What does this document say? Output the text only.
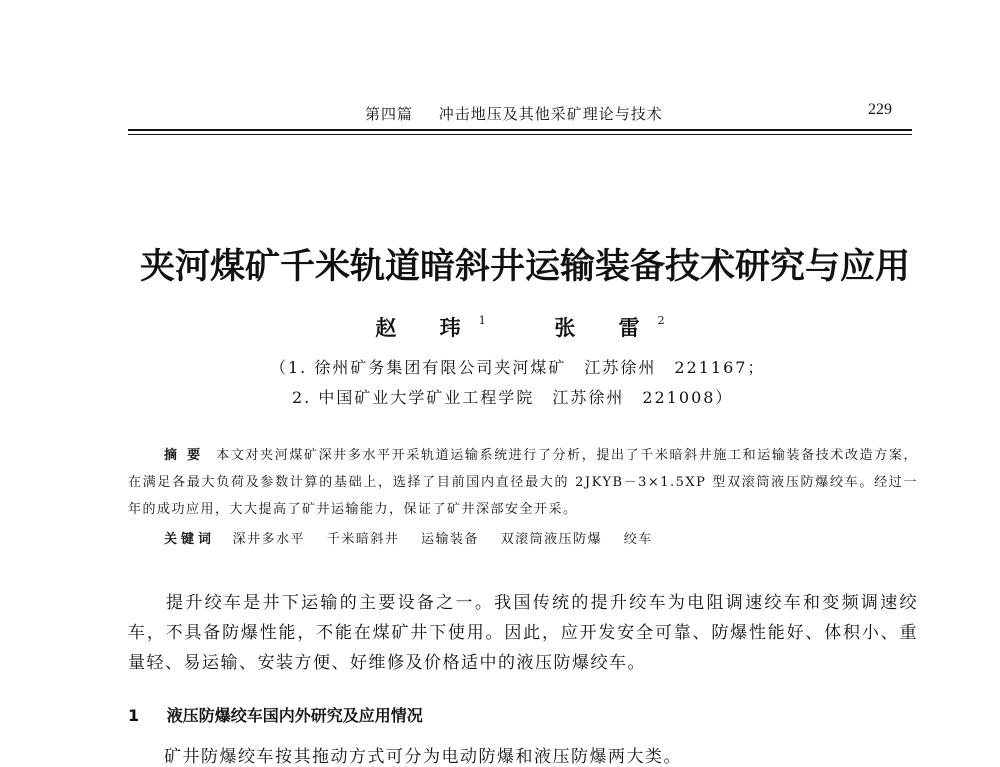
第四篇 冲击地压及其他采矿理论与技术	229
夹河煤矿千米轨道暗斜井运输装备技术研究与应用
赵 玮$^1$	张 雷$^2$
（1. 徐州矿务集团有限公司夹河煤矿　江苏徐州　221167；
2. 中国矿业大学矿业工程学院　江苏徐州　221008）

摘要 本文对夹河煤矿深井多水平开采轨道运输系统进行了分析，提出了千米暗斜井施工和运输装备技术改造方案，在满足各最大负荷及参数计算的基础上，选择了目前国内直径最大的 2JKYB－3×1.5XP 型双滚筒液压防爆绞车。经过一年的成功应用，大大提高了矿井运输能力，保证了矿井深部安全开采。

关键词 深井多水平 千米暗斜井 运输装备 双滚筒液压防爆 绞车

提升绞车是井下运输的主要设备之一。我国传统的提升绞车为电阻调速绞车和变频调速绞车，不具备防爆性能，不能在煤矿井下使用。因此，应开发安全可靠、防爆性能好、体积小、重量轻、易运输、安装方便、好维修及价格适中的液压防爆绞车。

1 液压防爆绞车国内外研究及应用情况
矿井防爆绞车按其拖动方式可分为电动防爆和液压防爆两大类。
